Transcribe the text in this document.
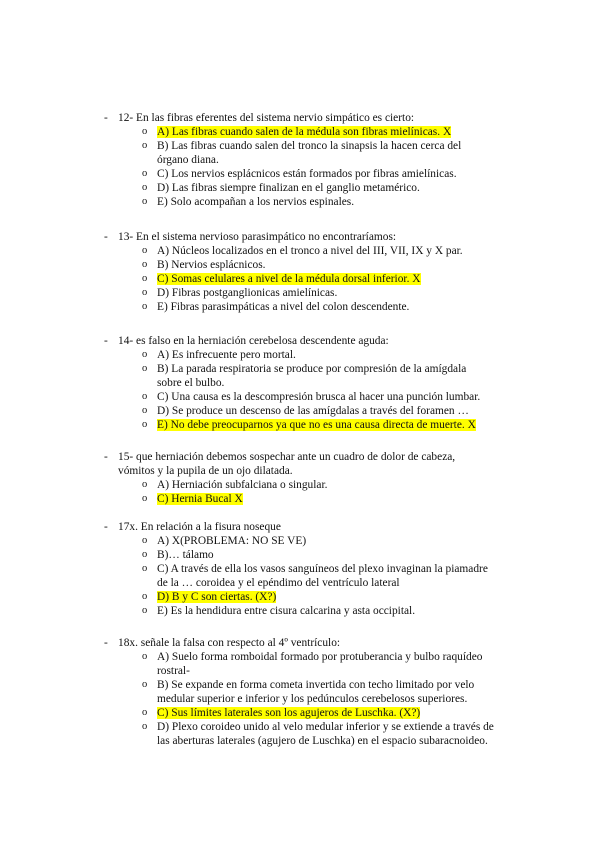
- 12- En las fibras eferentes del sistema nervio simpático es cierto:
o A) Las fibras cuando salen de la médula son fibras mielínicas. X
o B) Las fibras cuando salen del tronco la sinapsis la hacen cerca del órgano diana.
o C) Los nervios esplácnicos están formados por fibras amielínicas.
o D) Las fibras siempre finalizan en el ganglio metamérico.
o E) Solo acompañan a los nervios espinales.
- 13- En el sistema nervioso parasimpático no encontraríamos:
o A) Núcleos localizados en el tronco a nivel del III, VII, IX y X par.
o B) Nervios esplácnicos.
o C) Somas celulares a nivel de la médula dorsal inferior. X
o D) Fibras postganglionicas amielínicas.
o E) Fibras parasimpáticas a nivel del colon descendente.
- 14- es falso en la herniación cerebelosa descendente aguda:
o A) Es infrecuente pero mortal.
o B) La parada respiratoria se produce por compresión de la amígdala sobre el bulbo.
o C) Una causa es la descompresión brusca al hacer una punción lumbar.
o D) Se produce un descenso de las amígdalas a través del foramen …
o E) No debe preocuparnos ya que no es una causa directa de muerte. X
- 15- que herniación debemos sospechar ante un cuadro de dolor de cabeza,
vómitos y la pupila de un ojo dilatada.
o A) Herniación subfalciana o singular.
o C) Hernia Bucal X
- 17x. En relación a la fisura noseque
o A) X(PROBLEMA: NO SE VE)
o B)… tálamo
o C) A través de ella los vasos sanguíneos del plexo invaginan la piamadre de la … coroidea y el epéndimo del ventrículo lateral
o D) B y C son ciertas. (X?)
o E) Es la hendidura entre cisura calcarina y asta occipital.
- 18x. señale la falsa con respecto al 4º ventrículo:
o A) Suelo forma romboidal formado por protuberancia y bulbo raquídeo rostral-
o B) Se expande en forma cometa invertida con techo limitado por velo medular superior e inferior y los pedúnculos cerebelosos superiores.
o C) Sus límites laterales son los agujeros de Luschka. (X?)
o D) Plexo coroideo unido al velo medular inferior y se extiende a través de las aberturas laterales (agujero de Luschka) en el espacio subaracnoideo.
